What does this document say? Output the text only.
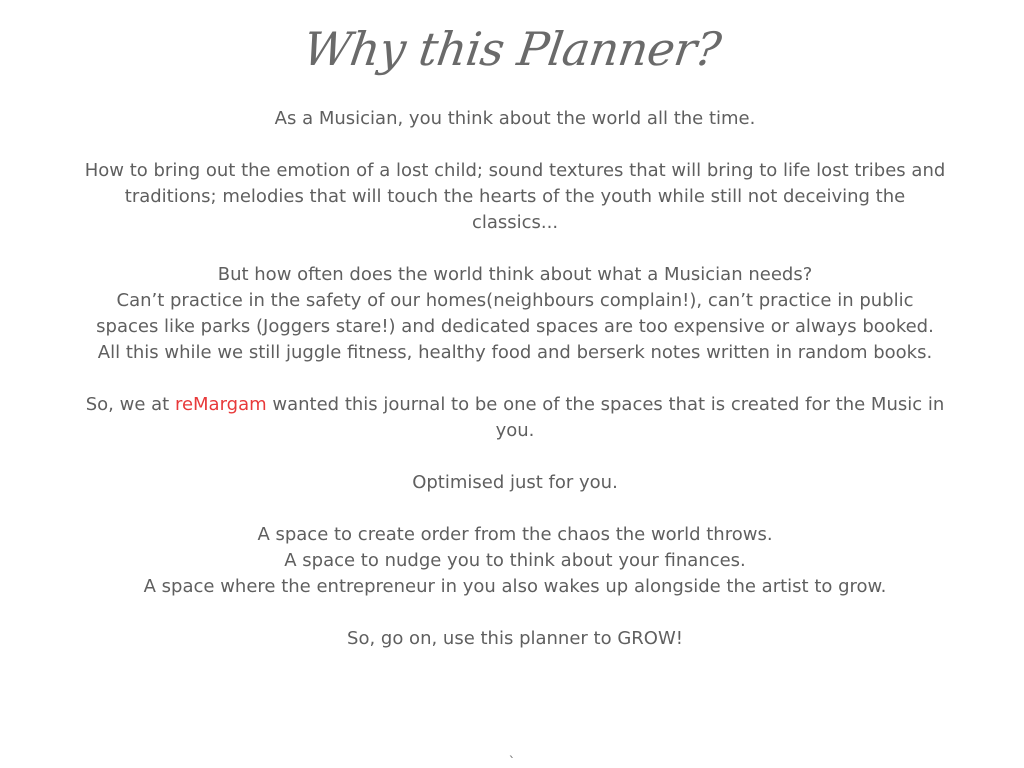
Why this Planner?

As a Musician, you think about the world all the time.

How to bring out the emotion of a lost child; sound textures that will bring to life lost tribes and traditions; melodies that will touch the hearts of the youth while still not deceiving the classics...

But how often does the world think about what a Musician needs?

Can’t practice in the safety of our homes(neighbours complain!), can’t practice in public spaces like parks (Joggers stare!) and dedicated spaces are too expensive or always booked.

All this while we still juggle fitness, healthy food and berserk notes written in random books.

So, we at reMargam wanted this journal to be one of the spaces that is created for the Music in you.

Optimised just for you.

A space to create order from the chaos the world throws.

A space to nudge you to think about your finances.

A space where the entrepreneur in you also wakes up alongside the artist to grow.

So, go on, use this planner to GROW!

`
